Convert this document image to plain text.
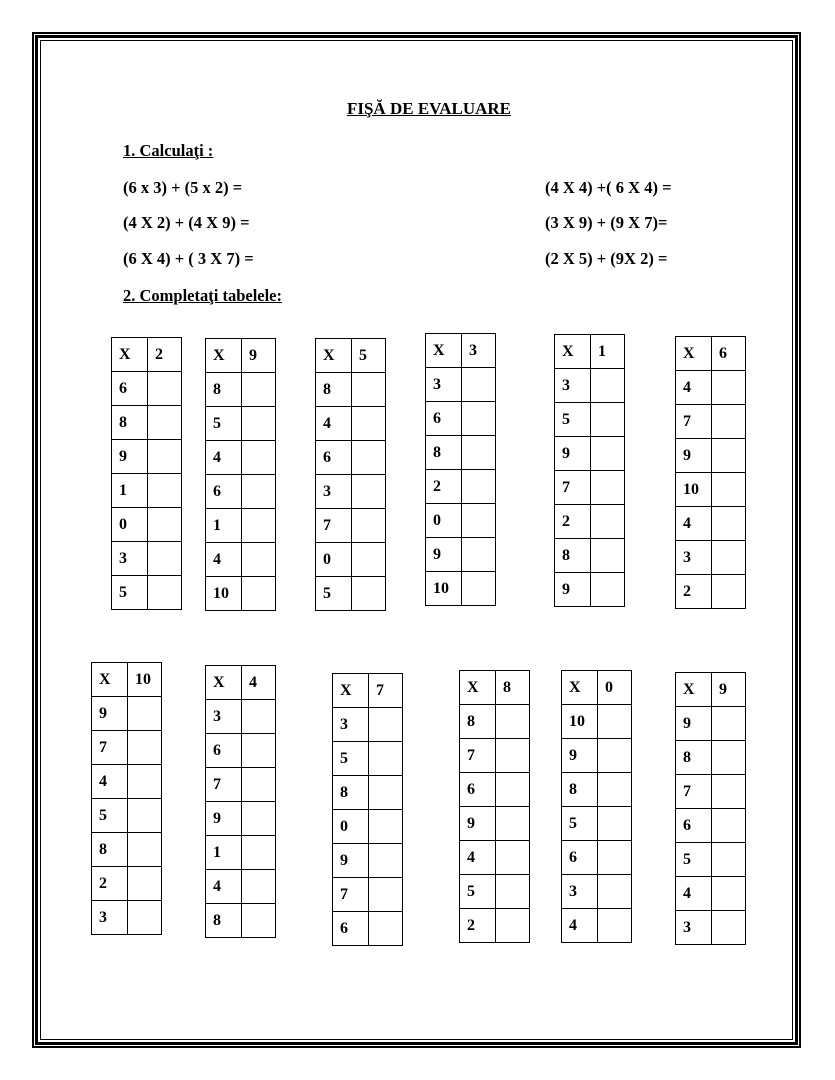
FIŞĂ DE EVALUARE
1. Calculaţi :
(6 x 3) + (5 x 2) =	(4 X 4) +( 6 X 4) =
(4 X 2) + (4 X 9) =	(3 X 9) + (9 X 7)=
(6 X 4) + ( 3 X 7) =	(2 X 5) + (9X 2) =
2. Completaţi tabelele:
X	2
6	
8	
9	
1	
0	
3	
5	
X	9
8	
5	
4	
6	
1	
4	
10	
X	5
8	
4	
6	
3	
7	
0	
5	
X	3
3	
6	
8	
2	
0	
9	
10	
X	1
3	
5	
9	
7	
2	
8	
9	
X	6
4	
7	
9	
10	
4	
3	
2	
X	10
9	
7	
4	
5	
8	
2	
3	
X	4
3	
6	
7	
9	
1	
4	
8	
X	7
3	
5	
8	
0	
9	
7	
6	
X	8
8	
7	
6	
9	
4	
5	
2	
X	0
10	
9	
8	
5	
6	
3	
4	
X	9
9	
8	
7	
6	
5	
4	
3	
